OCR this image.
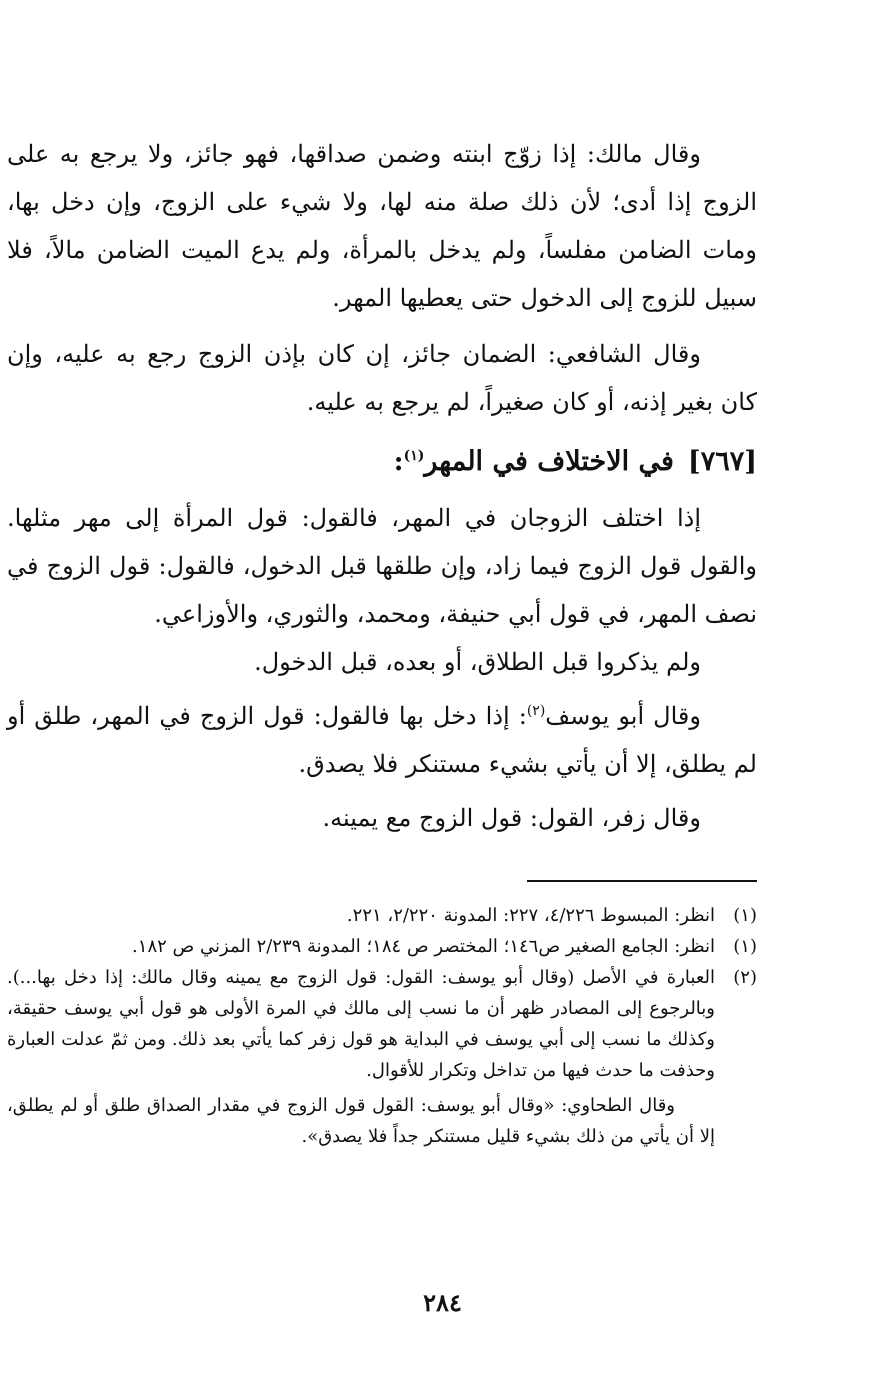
وقال مالك: إذا زوّج ابنته وضمن صداقها، فهو جائز، ولا يرجع به على الزوج إذا أدى؛ لأن ذلك صلة منه لها، ولا شيء على الزوج، وإن دخل بها، ومات الضامن مفلساً، ولم يدخل بالمرأة، ولم يدع الميت الضامن مالاً، فلا سبيل للزوج إلى الدخول حتى يعطيها المهر.

وقال الشافعي: الضمان جائز، إن كان بإذن الزوج رجع به عليه، وإن كان بغير إذنه، أو كان صغيراً، لم يرجع به عليه.

[٧٦٧]في الاختلاف في المهر$^{(١)}$:

إذا اختلف الزوجان في المهر، فالقول: قول المرأة إلى مهر مثلها. والقول قول الزوج فيما زاد، وإن طلقها قبل الدخول، فالقول: قول الزوج في نصف المهر، في قول أبي حنيفة، ومحمد، والثوري، والأوزاعي.

ولم يذكروا قبل الطلاق، أو بعده، قبل الدخول.

وقال أبو يوسف$^{(٢)}$: إذا دخل بها فالقول: قول الزوج في المهر، طلق أو لم يطلق، إلا أن يأتي بشيء مستنكر فلا يصدق.

وقال زفر، القول: قول الزوج مع يمينه.

(١)
انظر: المبسوط ٤/٢٢٦، ٢٢٧: المدونة ٢/٢٢٠، ٢٢١.
(١)
انظر: الجامع الصغير ص١٤٦؛ المختصر ص ١٨٤؛ المدونة ٢/٢٣٩ المزني ص ١٨٢.
(٢)
العبارة في الأصل (وقال أبو يوسف: القول: قول الزوج مع يمينه وقال مالك: إذا دخل بها...). وبالرجوع إلى المصادر ظهر أن ما نسب إلى مالك في المرة الأولى هو قول أبي يوسف حقيقة، وكذلك ما نسب إلى أبي يوسف في البداية هو قول زفر كما يأتي بعد ذلك. ومن ثمّ عدلت العبارة وحذفت ما حدث فيها من تداخل وتكرار للأقوال.

وقال الطحاوي: «وقال أبو يوسف: القول قول الزوج في مقدار الصداق طلق أو لم يطلق، إلا أن يأتي من ذلك بشيء قليل مستنكر جداً فلا يصدق».

٢٨٤
